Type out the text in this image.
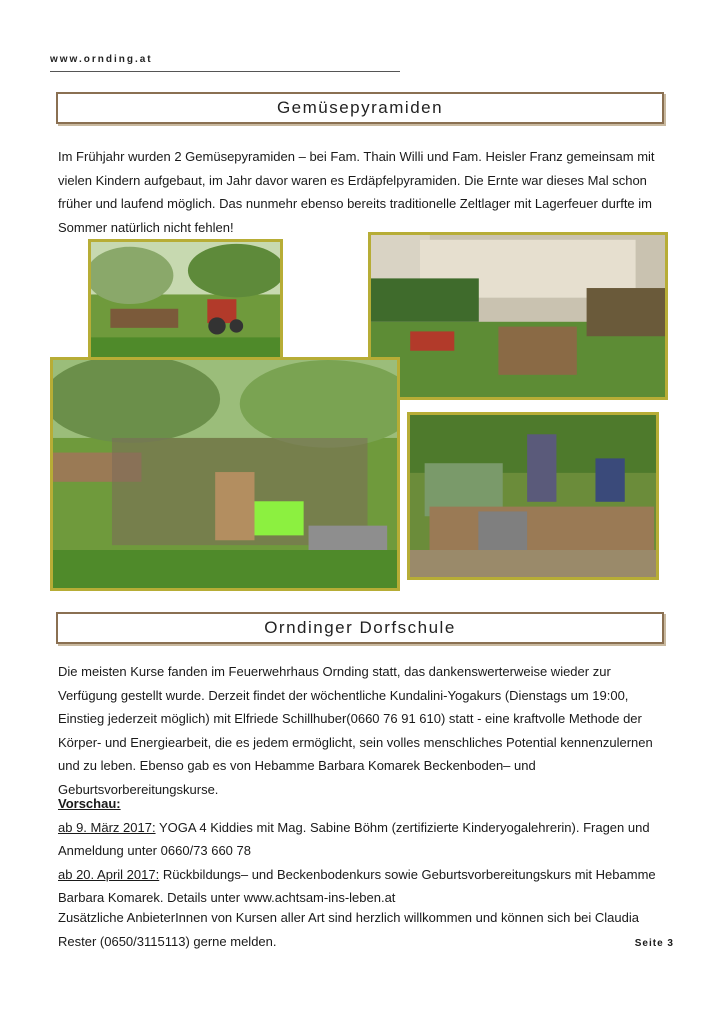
www.ornding.at
Gemüsepyramiden
Im Frühjahr wurden 2 Gemüsepyramiden – bei Fam. Thain Willi und Fam. Heisler Franz gemeinsam mit vielen Kindern aufgebaut, im Jahr davor waren es Erdäpfelpyramiden. Die Ernte war dieses Mal schon früher und laufend möglich. Das nunmehr ebenso bereits traditionelle Zeltlager mit Lagerfeuer durfte im Sommer natürlich nicht fehlen!
Orndinger Dorfschule
Die meisten Kurse fanden im Feuerwehrhaus Ornding statt, das dankenswerterweise wieder zur Verfügung gestellt wurde. Derzeit findet der wöchentliche Kundalini-Yogakurs (Dienstags um 19:00, Einstieg jederzeit möglich) mit Elfriede Schillhuber(0660 76 91 610) statt - eine kraftvolle Methode der Körper- und Energiearbeit, die es jedem ermöglicht, sein volles menschliches Potential kennenzulernen und zu leben. Ebenso gab es von Hebamme Barbara Komarek Beckenboden– und Geburtsvorbereitungskurse.
Vorschau:
ab 9. März 2017: YOGA 4 Kiddies mit Mag. Sabine Böhm (zertifizierte Kinderyogalehrerin). Fragen und Anmeldung unter 0660/73 660 78
ab 20. April 2017: Rückbildungs– und Beckenbodenkurs sowie Geburtsvorbereitungskurs mit Hebamme Barbara Komarek. Details unter www.achtsam-ins-leben.at
Zusätzliche AnbieterInnen von Kursen aller Art sind herzlich willkommen und können sich bei Claudia Rester (0650/3115113) gerne melden.	Seite 3
